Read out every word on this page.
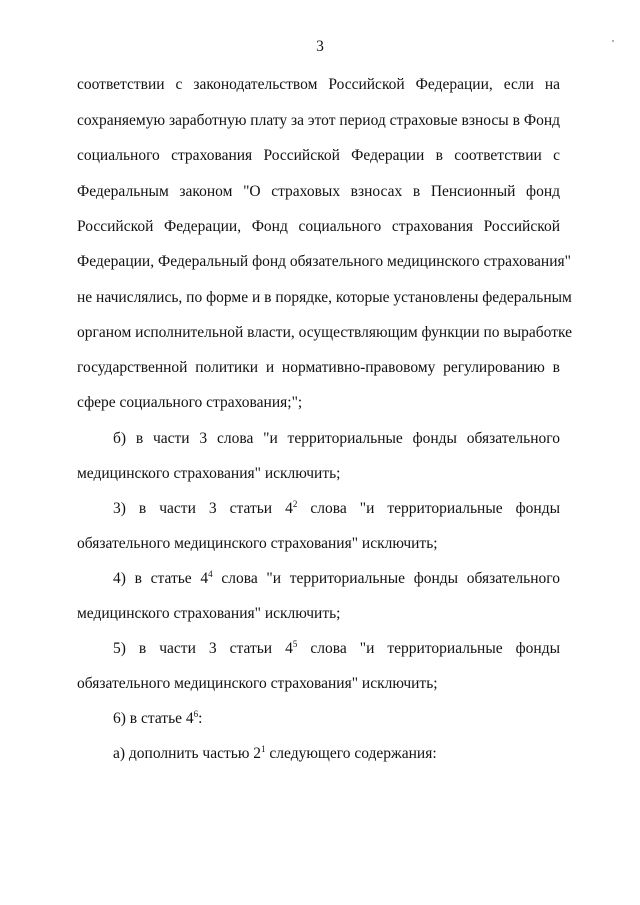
3
соответствии с законодательством Российской Федерации, если на
сохраняемую заработную плату за этот период страховые взносы в Фонд
социального страхования Российской Федерации в соответствии с
Федеральным законом "О страховых взносах в Пенсионный фонд
Российской Федерации, Фонд социального страхования Российской
Федерации, Федеральный фонд обязательного медицинского страхования"
не начислялись, по форме и в порядке, которые установлены федеральным
органом исполнительной власти, осуществляющим функции по выработке
государственной политики и нормативно-правовому регулированию в
сфере социального страхования;";
б) в части 3 слова "и территориальные фонды обязательного
медицинского страхования" исключить;
3) в части 3 статьи $4^2$ слова "и территориальные фонды
обязательного медицинского страхования" исключить;
4) в статье $4^4$ слова "и территориальные фонды обязательного
медицинского страхования" исключить;
5) в части 3 статьи $4^5$ слова "и территориальные фонды
обязательного медицинского страхования" исключить;
6) в статье $4^6$:
а) дополнить частью $2^1$ следующего содержания:
